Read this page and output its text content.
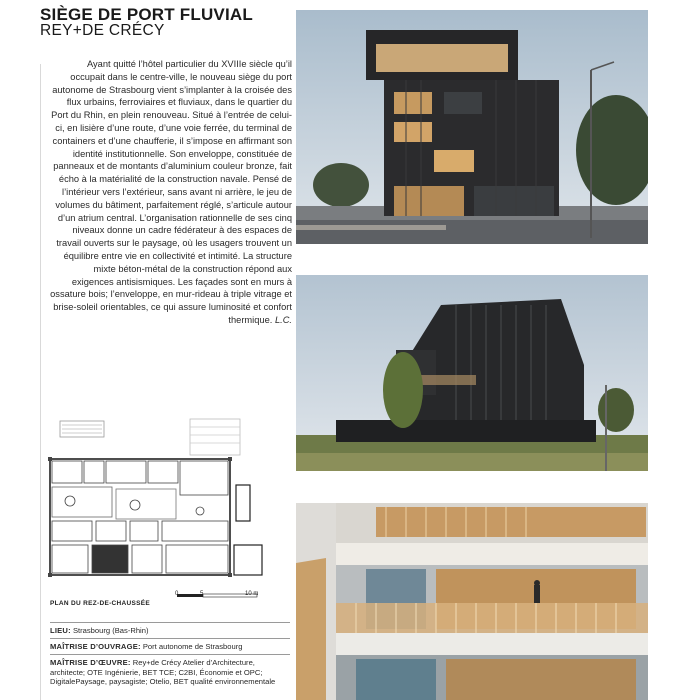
SIÈGE DE PORT FLUVIAL
REY+DE CRÉCY
Ayant quitté l’hôtel particulier du XVIIIe siècle qu’il occupait dans le centre-ville, le nouveau siège du port autonome de Strasbourg vient s’implanter à la croisée des flux urbains, ferroviaires et fluviaux, dans le quartier du Port du Rhin, en plein renouveau. Situé à l’entrée de celui-ci, en lisière d’une route, d’une voie ferrée, du terminal de containers et d’une chaufferie, il s’impose en affirmant son identité institutionnelle. Son enveloppe, constituée de panneaux et de montants d’aluminium couleur bronze, fait écho à la matérialité de la construction navale. Pensé de l’intérieur vers l’extérieur, sans avant ni arrière, le jeu de volumes du bâtiment, parfaitement réglé, s’articule autour d’un atrium central. L’organisation rationnelle de ses cinq niveaux donne un cadre fédérateur à des espaces de travail ouverts sur le paysage, où les usagers trouvent un équilibre entre vie en collectivité et intimité. La structure mixte béton-métal de la construction répond aux exigences antisismiques. Les façades sont en murs à ossature bois; l’enveloppe, en mur-rideau à triple vitrage et brise-soleil orientables, ce qui assure luminosité et confort thermique. L.C.
PLAN DU REZ-DE-CHAUSSÉE
0	5	10 m
LIEU: Strasbourg (Bas-Rhin)
MAÎTRISE D’OUVRAGE: Port autonome de Strasbourg
MAÎTRISE D’ŒUVRE: Rey+de Crécy Atelier d’Architecture, architecte; OTE Ingénierie, BET TCE; C2BI, Économie et OPC; DigitalePaysage, paysagiste; Otelio, BET qualité environnementale
